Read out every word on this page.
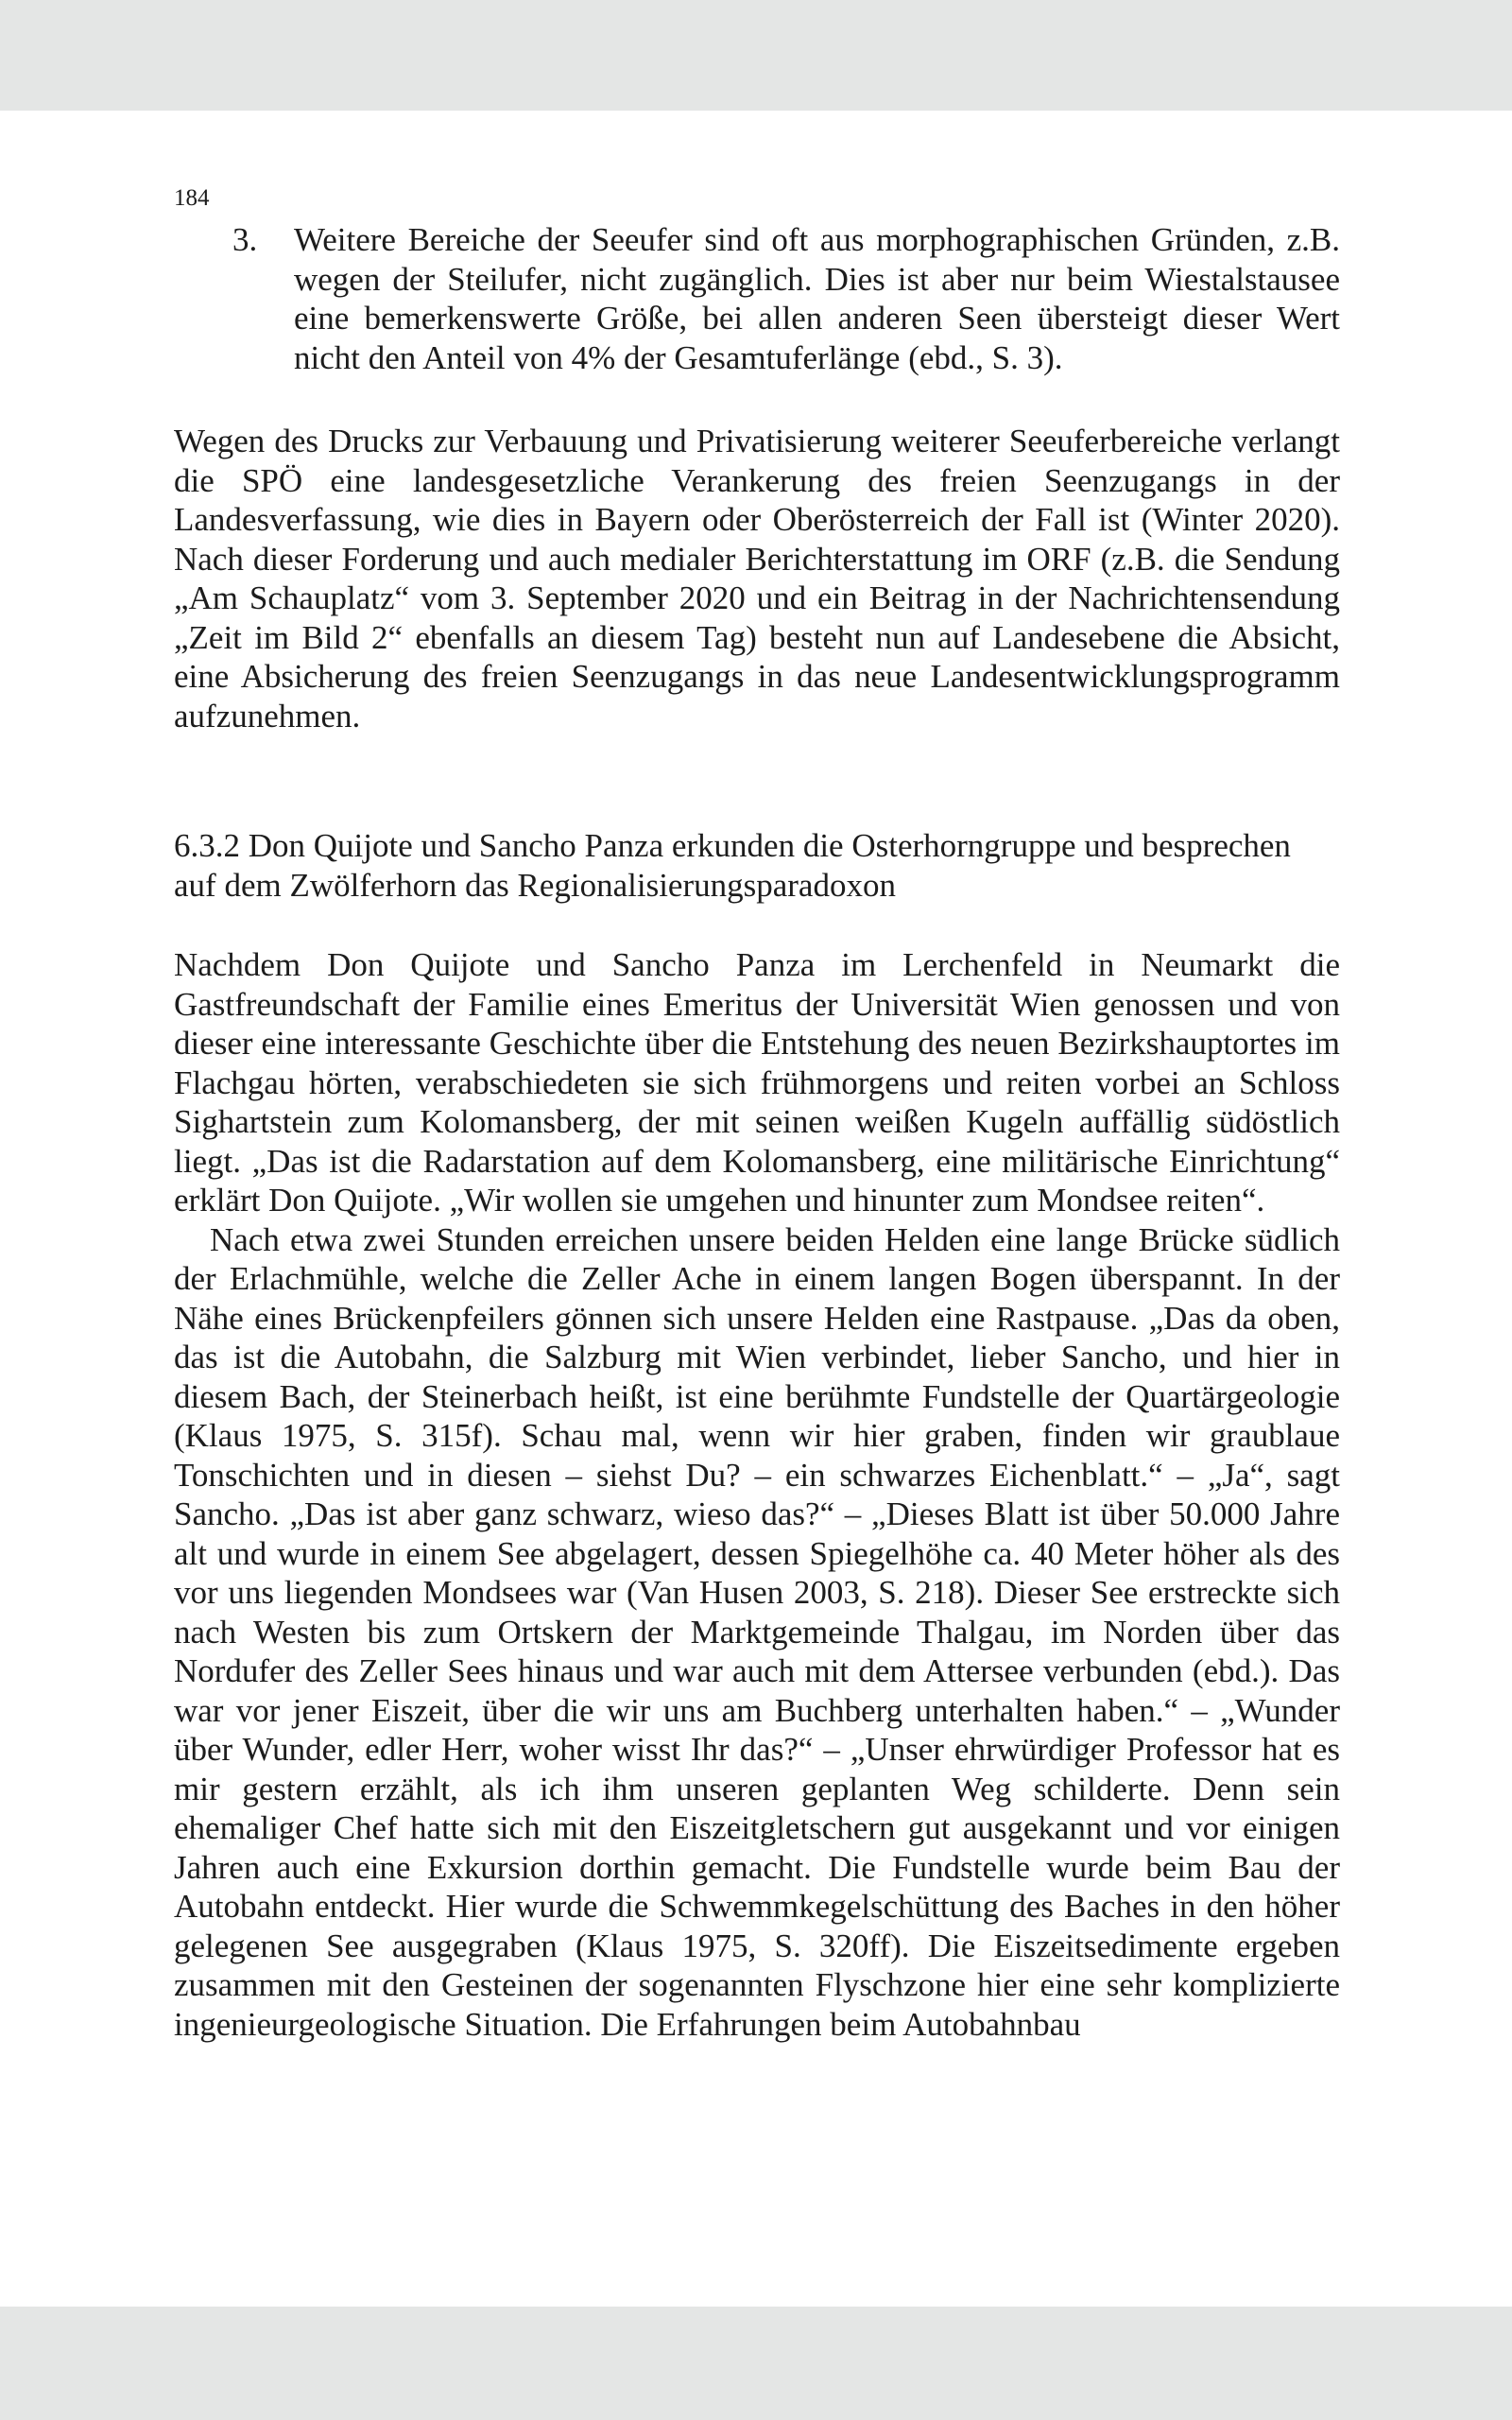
184
3.	Weitere Bereiche der Seeufer sind oft aus morphographischen Gründen, z.B. wegen der Steilufer, nicht zugänglich. Dies ist aber nur beim Wiestalstausee eine bemerkenswerte Größe, bei allen anderen Seen übersteigt dieser Wert nicht den Anteil von 4% der Gesamtuferlänge (ebd., S. 3).

Wegen des Drucks zur Verbauung und Privatisierung weiterer Seeuferbereiche verlangt die SPÖ eine landesgesetzliche Verankerung des freien Seenzugangs in der Landesverfassung, wie dies in Bayern oder Oberösterreich der Fall ist (Winter 2020). Nach dieser Forderung und auch medialer Berichterstattung im ORF (z.B. die Sendung „Am Schauplatz“ vom 3. September 2020 und ein Beitrag in der Nachrichtensendung „Zeit im Bild 2“ ebenfalls an diesem Tag) besteht nun auf Landesebene die Absicht, eine Absicherung des freien Seenzugangs in das neue Landesentwicklungsprogramm aufzunehmen.

6.3.2 Don Quijote und Sancho Panza erkunden die Osterhorngruppe und besprechen auf dem Zwölferhorn das Regionalisierungsparadoxon

Nachdem Don Quijote und Sancho Panza im Lerchenfeld in Neumarkt die Gastfreundschaft der Familie eines Emeritus der Universität Wien genossen und von dieser eine interessante Geschichte über die Entstehung des neuen Bezirkshauptortes im Flachgau hörten, verabschiedeten sie sich frühmorgens und reiten vorbei an Schloss Sighartstein zum Kolomansberg, der mit seinen weißen Kugeln auffällig südöstlich liegt. „Das ist die Radarstation auf dem Kolomansberg, eine militärische Einrichtung“ erklärt Don Quijote. „Wir wollen sie umgehen und hinunter zum Mondsee reiten“.

Nach etwa zwei Stunden erreichen unsere beiden Helden eine lange Brücke südlich der Erlachmühle, welche die Zeller Ache in einem langen Bogen überspannt. In der Nähe eines Brückenpfeilers gönnen sich unsere Helden eine Rastpause. „Das da oben, das ist die Autobahn, die Salzburg mit Wien verbindet, lieber Sancho, und hier in diesem Bach, der Steinerbach heißt, ist eine berühmte Fundstelle der Quartärgeologie (Klaus 1975, S. 315f). Schau mal, wenn wir hier graben, finden wir graublaue Tonschichten und in diesen – siehst Du? – ein schwarzes Eichenblatt.“ – „Ja“, sagt Sancho. „Das ist aber ganz schwarz, wieso das?“ – „Dieses Blatt ist über 50.000 Jahre alt und wurde in einem See abgelagert, dessen Spiegelhöhe ca. 40 Meter höher als des vor uns liegenden Mondsees war (Van Husen 2003, S. 218). Dieser See erstreckte sich nach Westen bis zum Ortskern der Marktgemeinde Thalgau, im Norden über das Nordufer des Zeller Sees hinaus und war auch mit dem Attersee verbunden (ebd.). Das war vor jener Eiszeit, über die wir uns am Buchberg unterhalten haben.“ – „Wunder über Wunder, edler Herr, woher wisst Ihr das?“ – „Unser ehrwürdiger Professor hat es mir gestern erzählt, als ich ihm unseren geplanten Weg schilderte. Denn sein ehemaliger Chef hatte sich mit den Eiszeitgletschern gut ausgekannt und vor einigen Jahren auch eine Exkursion dorthin gemacht. Die Fundstelle wurde beim Bau der Autobahn entdeckt. Hier wurde die Schwemmkegelschüttung des Baches in den höher gelegenen See ausgegraben (Klaus 1975, S. 320ff). Die Eiszeitsedimente ergeben zusammen mit den Gesteinen der sogenannten Flyschzone hier eine sehr komplizierte ingenieurgeologische Situation. Die Erfahrungen beim Autobahnbau
